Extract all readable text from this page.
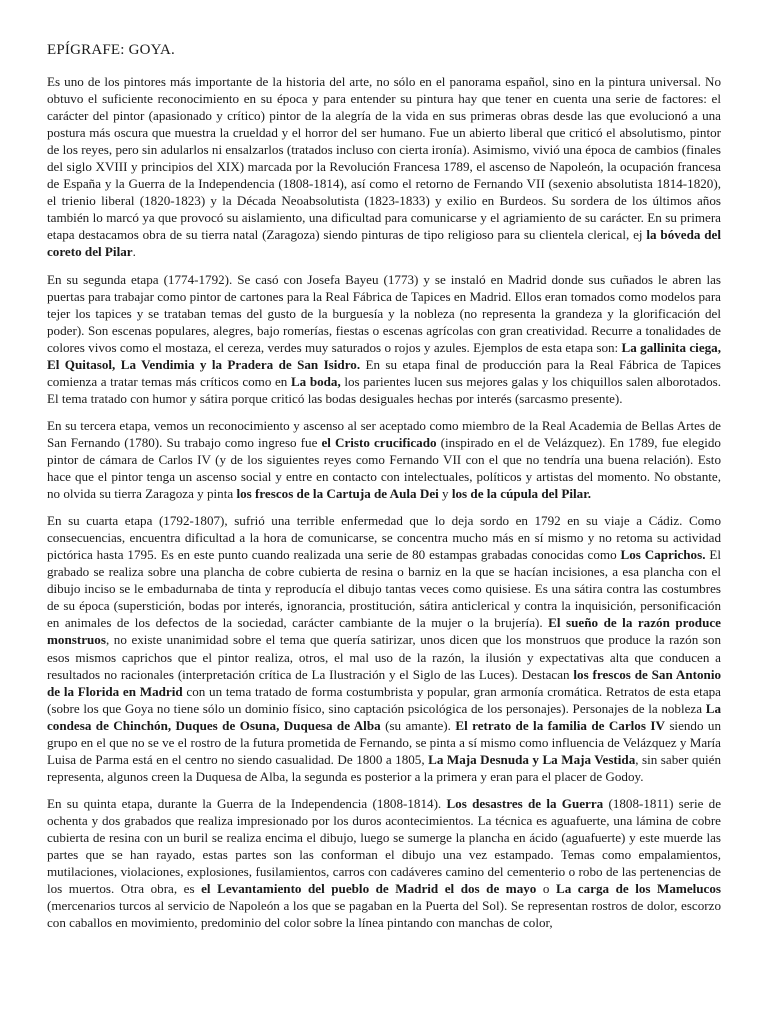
EPÍGRAFE: GOYA.

Es uno de los pintores más importante de la historia del arte, no sólo en el panorama español, sino en la pintura universal. No obtuvo el suficiente reconocimiento en su época y para entender su pintura hay que tener en cuenta una serie de factores: el carácter del pintor (apasionado y crítico) pintor de la alegría de la vida en sus primeras obras desde las que evolucionó a una postura más oscura que muestra la crueldad y el horror del ser humano. Fue un abierto liberal que criticó el absolutismo, pintor de los reyes, pero sin adularlos ni ensalzarlos (tratados incluso con cierta ironía). Asimismo, vivió una época de cambios (finales del siglo XVIII y principios del XIX) marcada por la Revolución Francesa 1789, el ascenso de Napoleón, la ocupación francesa de España y la Guerra de la Independencia (1808-1814), así como el retorno de Fernando VII (sexenio absolutista 1814-1820), el trienio liberal (1820-1823) y la Década Neoabsolutista (1823-1833) y exilio en Burdeos. Su sordera de los últimos años también lo marcó ya que provocó su aislamiento, una dificultad para comunicarse y el agriamiento de su carácter. En su primera etapa destacamos obra de su tierra natal (Zaragoza) siendo pinturas de tipo religioso para su clientela clerical, ej la bóveda del coreto del Pilar.

En su segunda etapa (1774-1792). Se casó con Josefa Bayeu (1773) y se instaló en Madrid donde sus cuñados le abren las puertas para trabajar como pintor de cartones para la Real Fábrica de Tapices en Madrid. Ellos eran tomados como modelos para tejer los tapices y se trataban temas del gusto de la burguesía y la nobleza (no representa la grandeza y la glorificación del poder). Son escenas populares, alegres, bajo romerías, fiestas o escenas agrícolas con gran creatividad. Recurre a tonalidades de colores vivos como el mostaza, el cereza, verdes muy saturados o rojos y azules. Ejemplos de esta etapa son: La gallinita ciega, El Quitasol, La Vendimia y la Pradera de San Isidro. En su etapa final de producción para la Real Fábrica de Tapices comienza a tratar temas más críticos como en La boda, los parientes lucen sus mejores galas y los chiquillos salen alborotados. El tema tratado con humor y sátira porque criticó las bodas desiguales hechas por interés (sarcasmo presente).

En su tercera etapa, vemos un reconocimiento y ascenso al ser aceptado como miembro de la Real Academia de Bellas Artes de San Fernando (1780). Su trabajo como ingreso fue el Cristo crucificado (inspirado en el de Velázquez). En 1789, fue elegido pintor de cámara de Carlos IV (y de los siguientes reyes como Fernando VII con el que no tendría una buena relación). Esto hace que el pintor tenga un ascenso social y entre en contacto con intelectuales, políticos y artistas del momento. No obstante, no olvida su tierra Zaragoza y pinta los frescos de la Cartuja de Aula Dei y los de la cúpula del Pilar.

En su cuarta etapa (1792-1807), sufrió una terrible enfermedad que lo deja sordo en 1792 en su viaje a Cádiz. Como consecuencias, encuentra dificultad a la hora de comunicarse, se concentra mucho más en sí mismo y no retoma su actividad pictórica hasta 1795. Es en este punto cuando realizada una serie de 80 estampas grabadas conocidas como Los Caprichos. El grabado se realiza sobre una plancha de cobre cubierta de resina o barniz en la que se hacían incisiones, a esa plancha con el dibujo inciso se le embadurnaba de tinta y reproducía el dibujo tantas veces como quisiese. Es una sátira contra las costumbres de su época (superstición, bodas por interés, ignorancia, prostitución, sátira anticlerical y contra la inquisición, personificación en animales de los defectos de la sociedad, carácter cambiante de la mujer o la brujería). El sueño de la razón produce monstruos, no existe unanimidad sobre el tema que quería satirizar, unos dicen que los monstruos que produce la razón son esos mismos caprichos que el pintor realiza, otros, el mal uso de la razón, la ilusión y expectativas alta que conducen a resultados no racionales (interpretación crítica de La Ilustración y el Siglo de las Luces). Destacan los frescos de San Antonio de la Florida en Madrid con un tema tratado de forma costumbrista y popular, gran armonía cromática. Retratos de esta etapa (sobre los que Goya no tiene sólo un dominio físico, sino captación psicológica de los personajes). Personajes de la nobleza La condesa de Chinchón, Duques de Osuna, Duquesa de Alba (su amante). El retrato de la familia de Carlos IV siendo un grupo en el que no se ve el rostro de la futura prometida de Fernando, se pinta a sí mismo como influencia de Velázquez y María Luisa de Parma está en el centro no siendo casualidad. De 1800 a 1805, La Maja Desnuda y La Maja Vestida, sin saber quién representa, algunos creen la Duquesa de Alba, la segunda es posterior a la primera y eran para el placer de Godoy.

En su quinta etapa, durante la Guerra de la Independencia (1808-1814). Los desastres de la Guerra (1808-1811) serie de ochenta y dos grabados que realiza impresionado por los duros acontecimientos. La técnica es aguafuerte, una lámina de cobre cubierta de resina con un buril se realiza encima el dibujo, luego se sumerge la plancha en ácido (aguafuerte) y este muerde las partes que se han rayado, estas partes son las conforman el dibujo una vez estampado. Temas como empalamientos, mutilaciones, violaciones, explosiones, fusilamientos, carros con cadáveres camino del cementerio o robo de las pertenencias de los muertos. Otra obra, es el Levantamiento del pueblo de Madrid el dos de mayo o La carga de los Mamelucos (mercenarios turcos al servicio de Napoleón a los que se pagaban en la Puerta del Sol). Se representan rostros de dolor, escorzo con caballos en movimiento, predominio del color sobre la línea pintando con manchas de color,
